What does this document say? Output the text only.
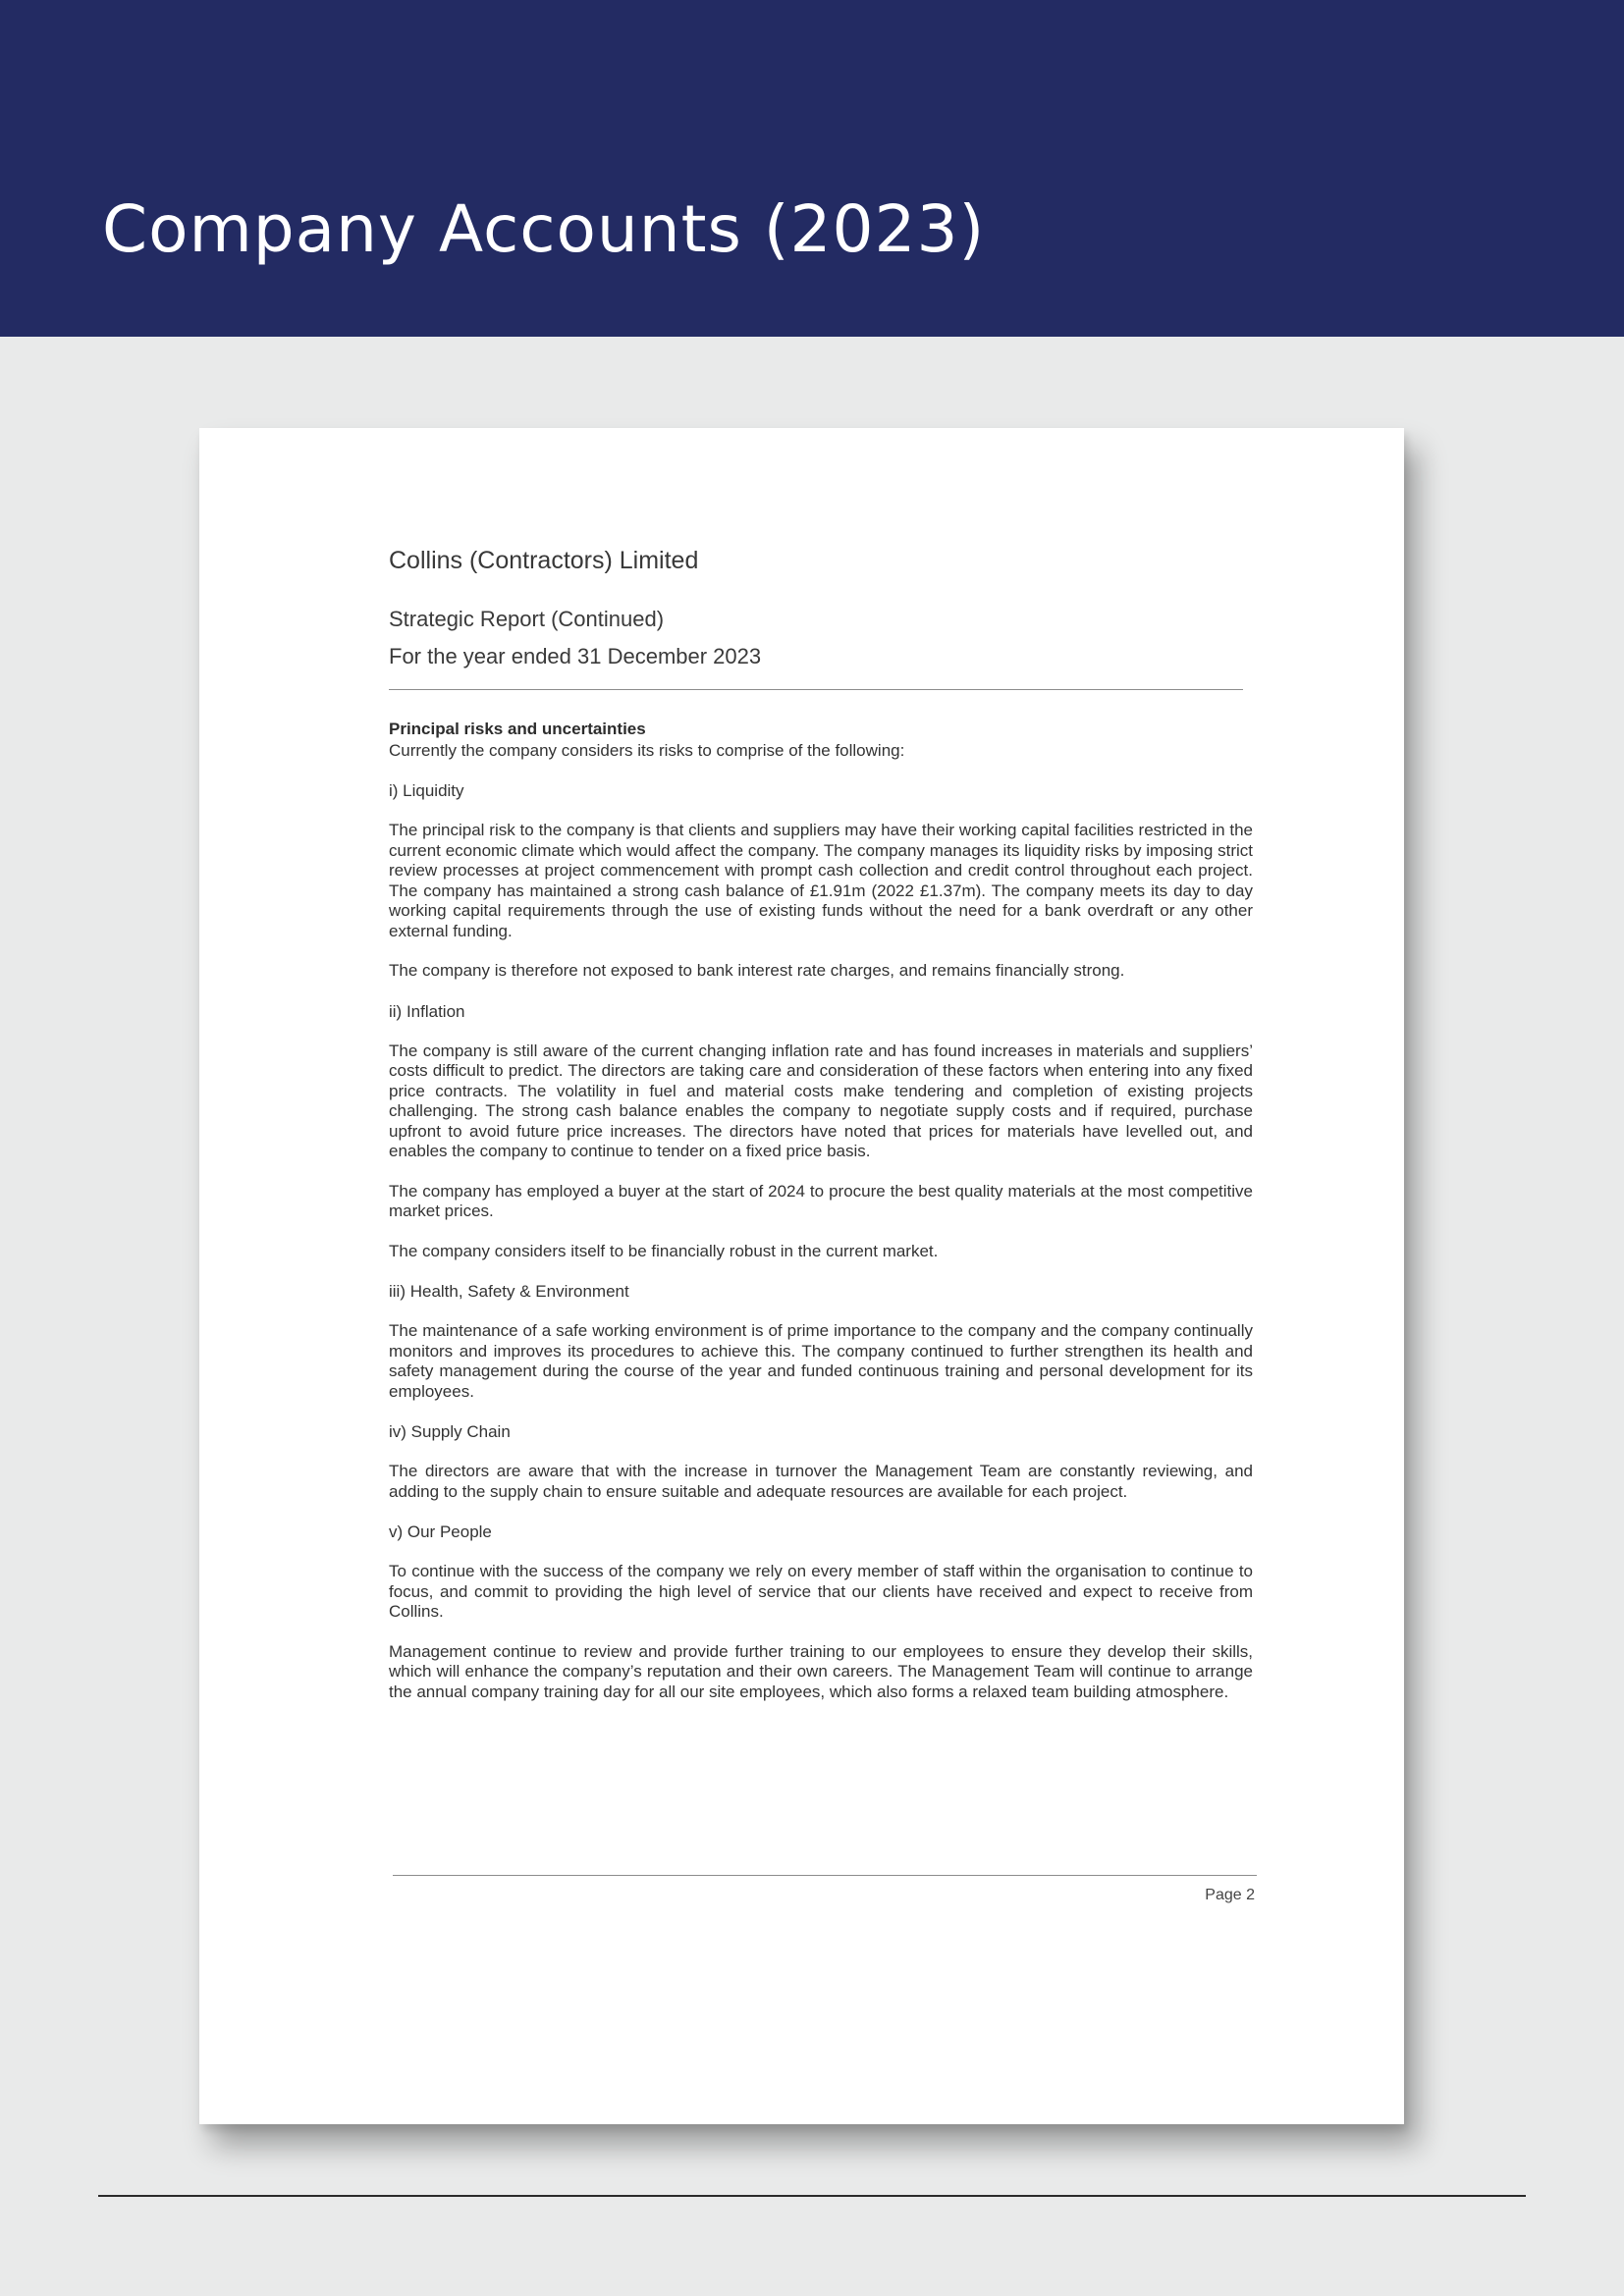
Company Accounts (2023)

Collins (Contractors) Limited

Strategic Report (Continued)

For the year ended 31 December 2023

Principal risks and uncertainties

Currently the company considers its risks to comprise of the following:

i) Liquidity

The principal risk to the company is that clients and suppliers may have their working capital facilities restricted in the current economic climate which would affect the company. The company manages its liquidity risks by imposing strict review processes at project commencement with prompt cash collection and credit control throughout each project. The company has maintained a strong cash balance of £1.91m (2022 £1.37m). The company meets its day to day working capital requirements through the use of existing funds without the need for a bank overdraft or any other external funding.

The company is therefore not exposed to bank interest rate charges, and remains financially strong.

ii) Inflation

The company is still aware of the current changing inflation rate and has found increases in materials and suppliers’ costs difficult to predict. The directors are taking care and consideration of these factors when entering into any fixed price contracts. The volatility in fuel and material costs make tendering and completion of existing projects challenging. The strong cash balance enables the company to negotiate supply costs and if required, purchase upfront to avoid future price increases. The directors have noted that prices for materials have levelled out, and enables the company to continue to tender on a fixed price basis.

The company has employed a buyer at the start of 2024 to procure the best quality materials at the most competitive market prices.

The company considers itself to be financially robust in the current market.

iii) Health, Safety & Environment

The maintenance of a safe working environment is of prime importance to the company and the company continually monitors and improves its procedures to achieve this. The company continued to further strengthen its health and safety management during the course of the year and funded continuous training and personal development for its employees.

iv) Supply Chain

The directors are aware that with the increase in turnover the Management Team are constantly reviewing, and adding to the supply chain to ensure suitable and adequate resources are available for each project.

v) Our People

To continue with the success of the company we rely on every member of staff within the organisation to continue to focus, and commit to providing the high level of service that our clients have received and expect to receive from Collins.

Management continue to review and provide further training to our employees to ensure they develop their skills, which will enhance the company’s reputation and their own careers. The Management Team will continue to arrange the annual company training day for all our site employees, which also forms a relaxed team building atmosphere.

Page 2
